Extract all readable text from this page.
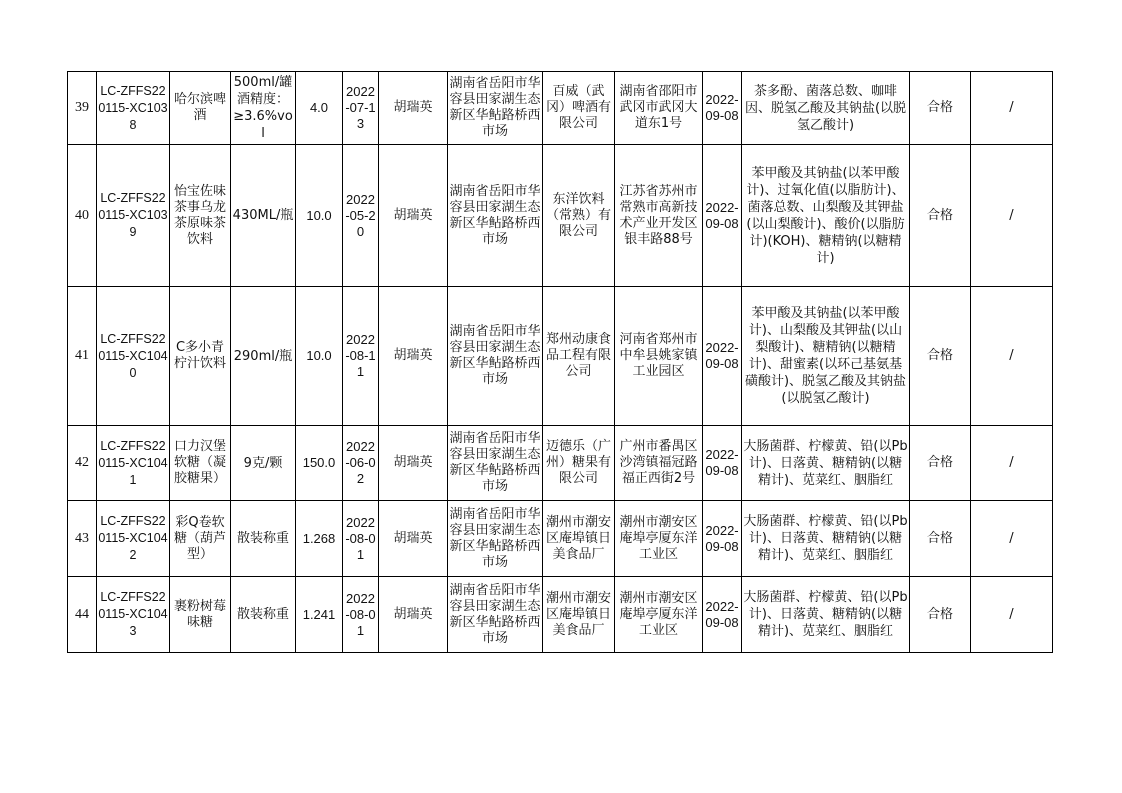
39	LC-ZFFS220115-XC1038	哈尔滨啤酒	500ml/罐 酒精度：≥3.6%vol	4.0	2022-07-13	胡瑞英	湖南省岳阳市华容县田家湖生态新区华鲇路桥西市场	百威（武冈）啤酒有限公司	湖南省邵阳市武冈市武冈大道东1号	2022-09-08	茶多酚、菌落总数、咖啡因、脱氢乙酸及其钠盐(以脱氢乙酸计)	合格	/
40	LC-ZFFS220115-XC1039	怡宝佐味茶事乌龙茶原味茶饮料	430ML/瓶	10.0	2022-05-20	胡瑞英	湖南省岳阳市华容县田家湖生态新区华鲇路桥西市场	东洋饮料（常熟）有限公司	江苏省苏州市常熟市高新技术产业开发区银丰路88号	2022-09-08	苯甲酸及其钠盐(以苯甲酸计)、过氧化值(以脂肪计)、菌落总数、山梨酸及其钾盐(以山梨酸计)、酸价(以脂肪计)(KOH)、糖精钠(以糖精计)	合格	/
41	LC-ZFFS220115-XC1040	C多小青柠汁饮料	290ml/瓶	10.0	2022-08-11	胡瑞英	湖南省岳阳市华容县田家湖生态新区华鲇路桥西市场	郑州动康食品工程有限公司	河南省郑州市中牟县姚家镇工业园区	2022-09-08	苯甲酸及其钠盐(以苯甲酸计)、山梨酸及其钾盐(以山梨酸计)、糖精钠(以糖精计)、甜蜜素(以环己基氨基磺酸计)、脱氢乙酸及其钠盐(以脱氢乙酸计)	合格	/
42	LC-ZFFS220115-XC1041	口力汉堡软糖（凝胶糖果）	9克/颗	150.0	2022-06-02	胡瑞英	湖南省岳阳市华容县田家湖生态新区华鲇路桥西市场	迈德乐（广州）糖果有限公司	广州市番禺区沙湾镇福冠路福正西街2号	2022-09-08	大肠菌群、柠檬黄、铅(以Pb计)、日落黄、糖精钠(以糖精计)、苋菜红、胭脂红	合格	/
43	LC-ZFFS220115-XC1042	彩Q卷软糖（葫芦型）	散装称重	1.268	2022-08-01	胡瑞英	湖南省岳阳市华容县田家湖生态新区华鲇路桥西市场	潮州市潮安区庵埠镇日美食品厂	潮州市潮安区庵埠亭厦东洋工业区	2022-09-08	大肠菌群、柠檬黄、铅(以Pb计)、日落黄、糖精钠(以糖精计)、苋菜红、胭脂红	合格	/
44	LC-ZFFS220115-XC1043	裹粉树莓味糖	散装称重	1.241	2022-08-01	胡瑞英	湖南省岳阳市华容县田家湖生态新区华鲇路桥西市场	潮州市潮安区庵埠镇日美食品厂	潮州市潮安区庵埠亭厦东洋工业区	2022-09-08	大肠菌群、柠檬黄、铅(以Pb计)、日落黄、糖精钠(以糖精计)、苋菜红、胭脂红	合格	/
